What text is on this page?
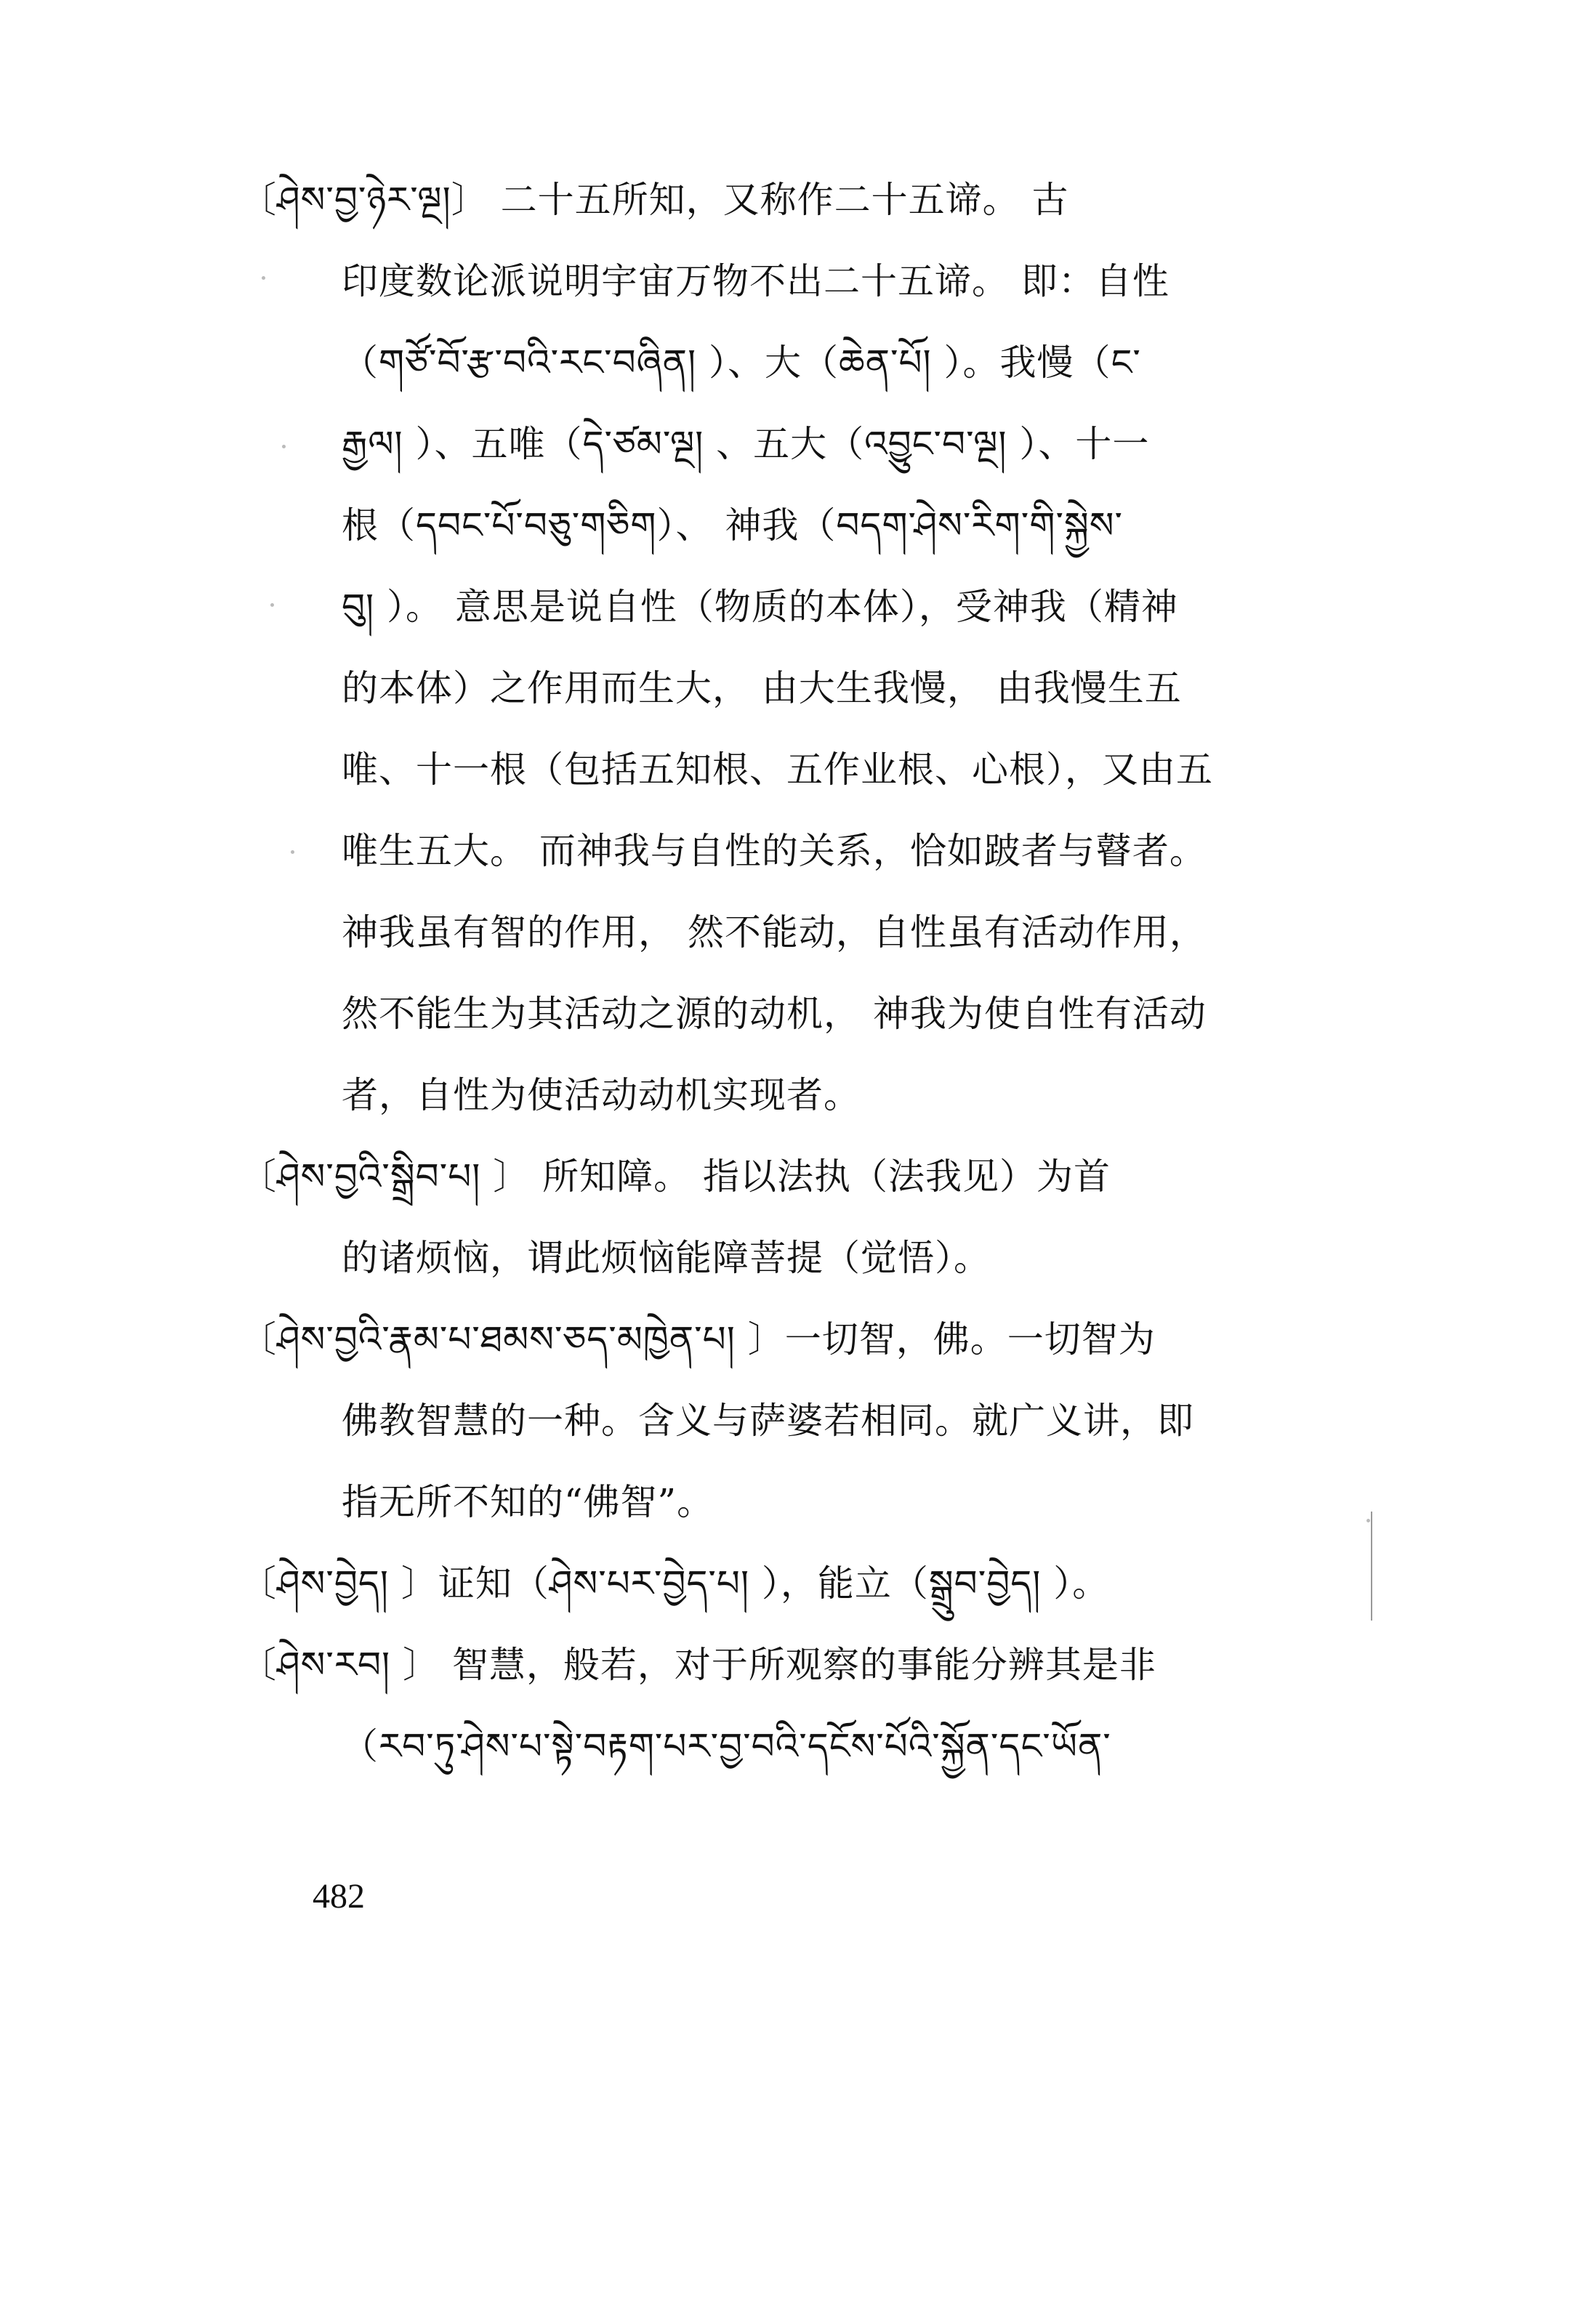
〔ཤེས་བྱ་ཉེར་ལྔ།〕 二十五所知，又称作二十五谛。 古
印度数论派说明宇宙万物不出二十五谛。 即：自性
（གཙོ་བོ་རྩ་བའི་རང་བཞིན། ）、大（ཆེན་པོ། ）。我慢（ང་
རྒྱལ། ）、五唯（དེ་ཙམ་ལྔ། 、五大（འབྱུང་བ་ལྔ། ）、十一
根（དབང་པོ་བཅུ་གཅིག）、 神我（བདག་ཤེས་རིག་གི་སྐྱེས་
བུ། ）。 意思是说自性（物质的本体），受神我（精神
的本体）之作用而生大， 由大生我慢， 由我慢生五
唯、十一根（包括五知根、五作业根、心根），又由五
唯生五大。 而神我与自性的关系，恰如跛者与瞽者。
神我虽有智的作用， 然不能动，自性虽有活动作用，
然不能生为其活动之源的动机， 神我为使自性有活动
者，自性为使活动动机实现者。
〔ཤེས་བྱའི་སྒྲིབ་པ། 〕 所知障。 指以法执（法我见）为首
的诸烦恼，谓此烦恼能障菩提（觉悟）。
〔ཤེས་བྱའི་རྣམ་པ་ཐམས་ཅད་མཁྱེན་པ། 〕一切智，佛。一切智为
佛教智慧的一种。含义与萨婆若相同。就广义讲，即
指无所不知的“佛智”。
〔ཤེས་བྱེད། 〕证知（ཤེས་པར་བྱེད་པ། ），能立（སྒྲུབ་བྱེད། ）。
〔ཤེས་རབ། 〕 智慧，般若，对于所观察的事能分辨其是非
（རབ་ཏུ་ཤེས་པ་སྟེ་བརྟག་པར་བྱ་བའི་དངོས་པོའི་སྐྱོན་དང་ཡོན་
482
